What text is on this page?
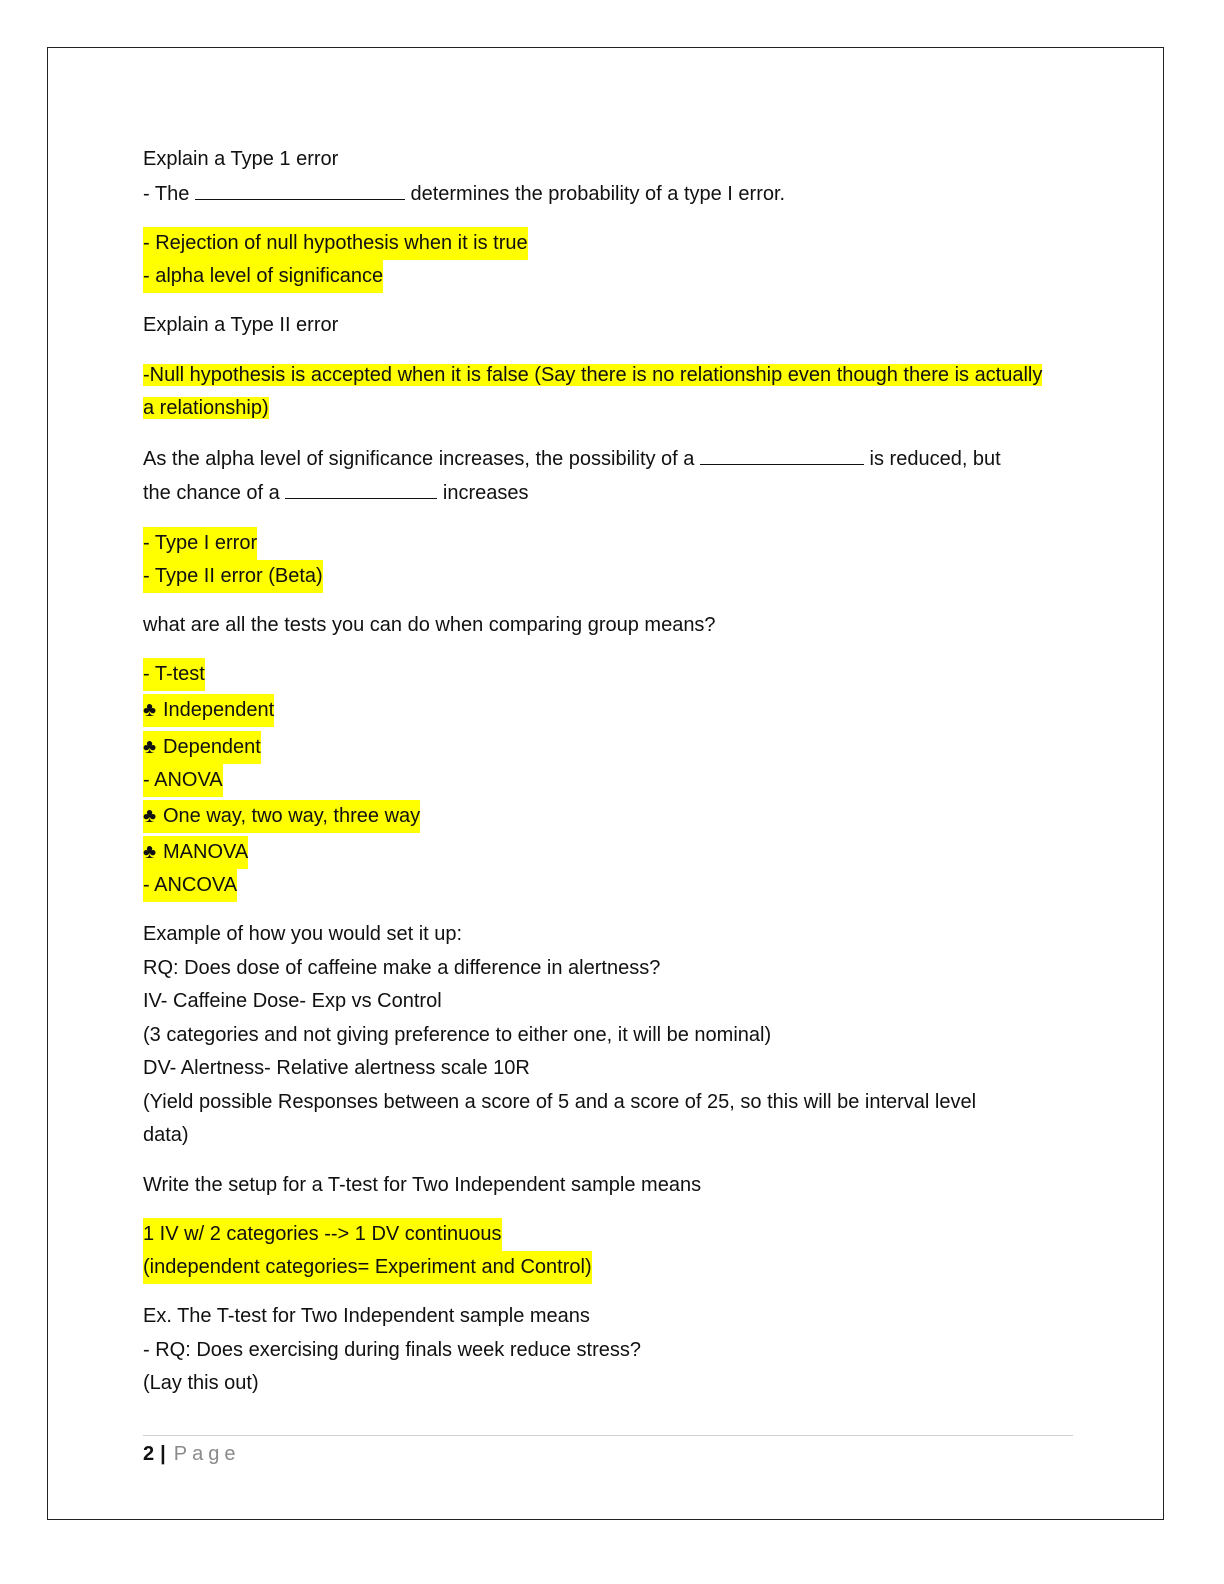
Explain a Type 1 error
- The	determines the probability of a type I error.
- Rejection of null hypothesis when it is true
- alpha level of significance
Explain a Type II error
-Null hypothesis is accepted when it is false (Say there is no relationship even though there is actually a relationship)
As the alpha level of significance increases, the possibility of a	is reduced, but
the chance of a	increases
- Type I error
- Type II error (Beta)
what are all the tests you can do when comparing group means?
- T-test
♣ Independent
♣ Dependent
- ANOVA
♣ One way, two way, three way
♣ MANOVA
- ANCOVA
Example of how you would set it up:
RQ: Does dose of caffeine make a difference in alertness?
IV- Caffeine Dose- Exp vs Control
(3 categories and not giving preference to either one, it will be nominal)
DV- Alertness- Relative alertness scale 10R
(Yield possible Responses between a score of 5 and a score of 25, so this will be interval level
data)
Write the setup for a T-test for Two Independent sample means
1 IV w/ 2 categories --> 1 DV continuous
(independent categories= Experiment and Control)
Ex. The T-test for Two Independent sample means
- RQ: Does exercising during finals week reduce stress?
(Lay this out)
2 | Page
